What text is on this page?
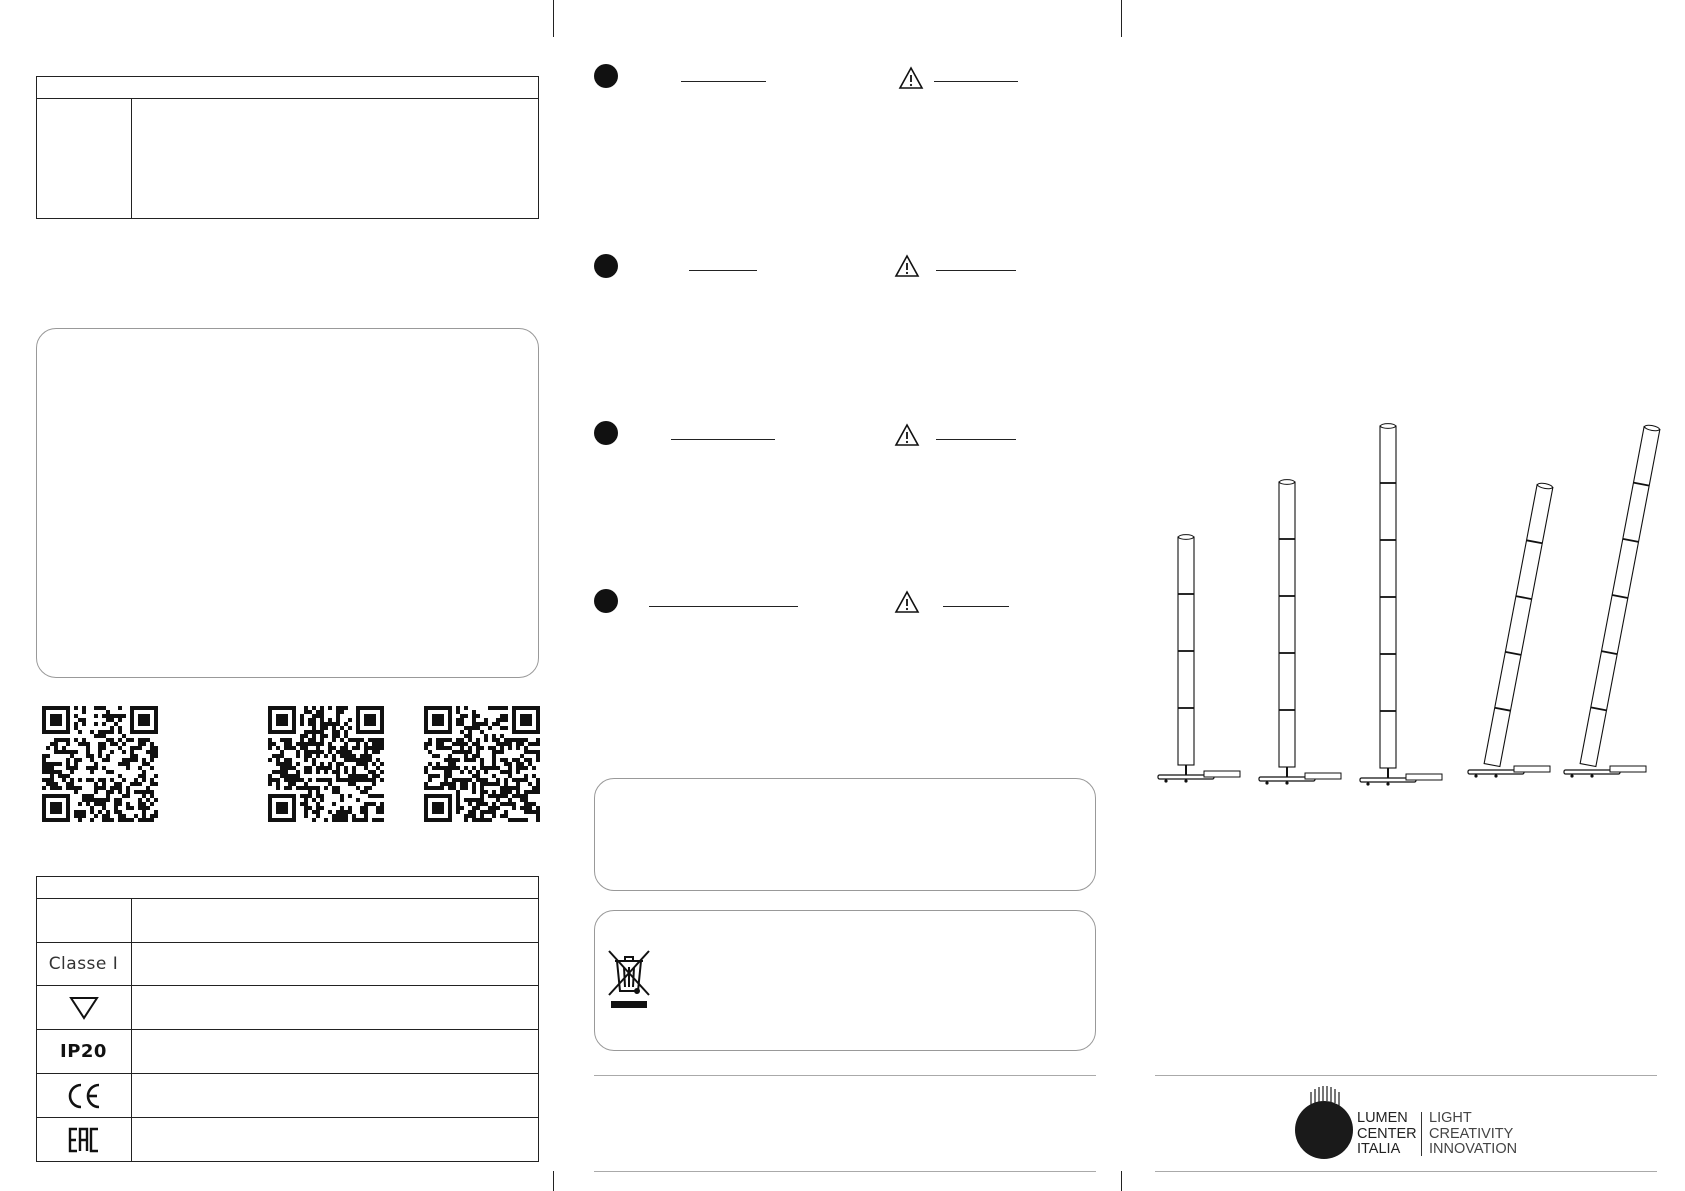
Classe I
IP20
LUMEN
CENTER
ITALIA
LIGHT
CREATIVITY
INNOVATION
